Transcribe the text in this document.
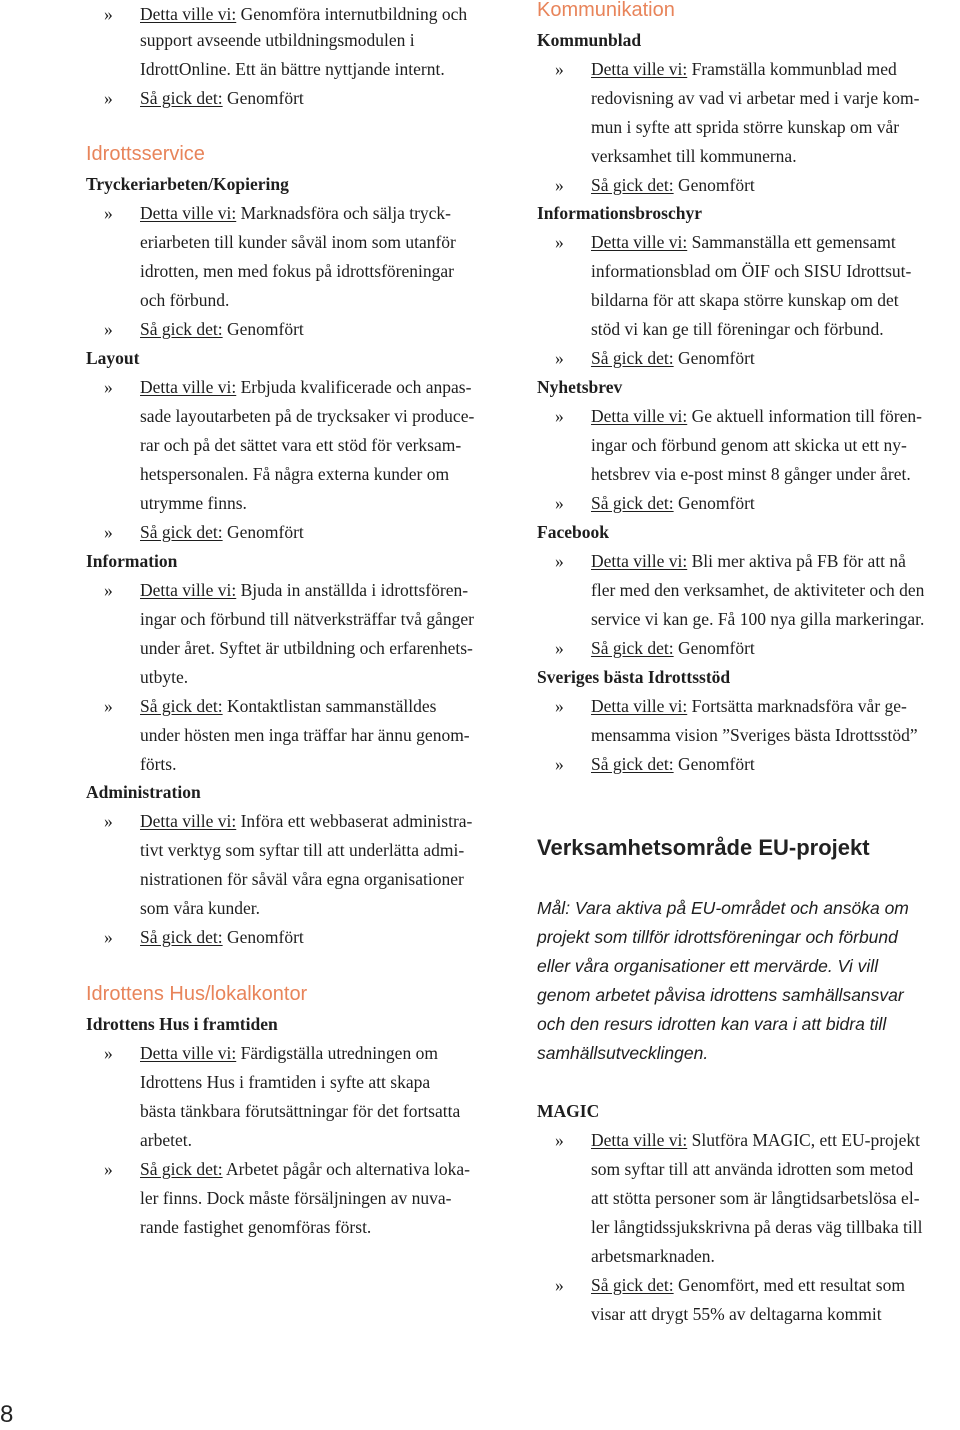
» Detta ville vi: Genomföra internutbildning och
support avseende utbildningsmodulen i
IdrottOnline. Ett än bättre nyttjande internt.
» Så gick det: Genomfört
Idrottsservice
Tryckeriarbeten/Kopiering
» Detta ville vi: Marknadsföra och sälja tryck-
eriarbeten till kunder såväl inom som utanför
idrotten, men med fokus på idrottsföreningar
och förbund.
» Så gick det: Genomfört
Layout
» Detta ville vi: Erbjuda kvalificerade och anpas-
sade layoutarbeten på de trycksaker vi produce-
rar och på det sättet vara ett stöd för verksam-
hetspersonalen. Få några externa kunder om
utrymme finns.
» Så gick det: Genomfört
Information
» Detta ville vi: Bjuda in anställda i idrottsfören-
ingar och förbund till nätverksträffar två gånger
under året. Syftet är utbildning och erfarenhets-
utbyte.
» Så gick det: Kontaktlistan sammanställdes
under hösten men inga träffar har ännu genom-
förts.
Administration
» Detta ville vi: Införa ett webbaserat administra-
tivt verktyg som syftar till att underlätta admi-
nistrationen för såväl våra egna organisationer
som våra kunder.
» Så gick det: Genomfört
Idrottens Hus/lokalkontor
Idrottens Hus i framtiden
» Detta ville vi: Färdigställa utredningen om
Idrottens Hus i framtiden i syfte att skapa
bästa tänkbara förutsättningar för det fortsatta
arbetet.
» Så gick det: Arbetet pågår och alternativa loka-
ler finns. Dock måste försäljningen av nuva-
rande fastighet genomföras först.
Kommunikation
Kommunblad
» Detta ville vi: Framställa kommunblad med
redovisning av vad vi arbetar med i varje kom-
mun i syfte att sprida större kunskap om vår
verksamhet till kommunerna.
» Så gick det: Genomfört
Informationsbroschyr
» Detta ville vi: Sammanställa ett gemensamt
informationsblad om ÖIF och SISU Idrottsut-
bildarna för att skapa större kunskap om det
stöd vi kan ge till föreningar och förbund.
» Så gick det: Genomfört
Nyhetsbrev
» Detta ville vi: Ge aktuell information till fören-
ingar och förbund genom att skicka ut ett ny-
hetsbrev via e-post minst 8 gånger under året.
» Så gick det: Genomfört
Facebook
» Detta ville vi: Bli mer aktiva på FB för att nå
fler med den verksamhet, de aktiviteter och den
service vi kan ge. Få 100 nya gilla markeringar.
» Så gick det: Genomfört
Sveriges bästa Idrottsstöd
» Detta ville vi: Fortsätta marknadsföra vår ge-
mensamma vision ”Sveriges bästa Idrottsstöd”
» Så gick det: Genomfört
Verksamhetsområde EU-projekt
Mål: Vara aktiva på EU-området och ansöka om
projekt som tillför idrottsföreningar och förbund
eller våra organisationer ett mervärde. Vi vill
genom arbetet påvisa idrottens samhällsansvar
och den resurs idrotten kan vara i att bidra till
samhällsutvecklingen.
MAGIC
» Detta ville vi: Slutföra MAGIC, ett EU-projekt
som syftar till att använda idrotten som metod
att stötta personer som är långtidsarbetslösa el-
ler långtidssjukskrivna på deras väg tillbaka till
arbetsmarknaden.
» Så gick det: Genomfört, med ett resultat som
visar att drygt 55% av deltagarna kommit
8
